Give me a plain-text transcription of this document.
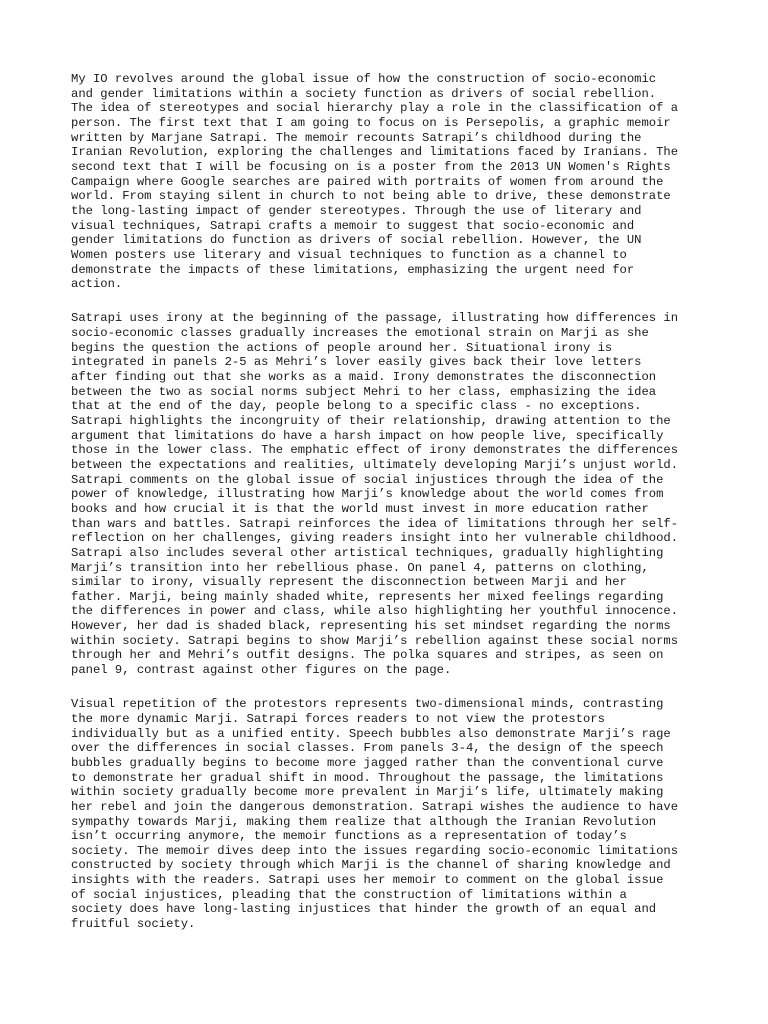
My IO revolves around the global issue of how the construction of socio-economic
and gender limitations within a society function as drivers of social rebellion.
The idea of stereotypes and social hierarchy play a role in the classification of a
person. The first text that I am going to focus on is Persepolis, a graphic memoir
written by Marjane Satrapi. The memoir recounts Satrapi’s childhood during the
Iranian Revolution, exploring the challenges and limitations faced by Iranians. The
second text that I will be focusing on is a poster from the 2013 UN Women's Rights
Campaign where Google searches are paired with portraits of women from around the
world. From staying silent in church to not being able to drive, these demonstrate
the long-lasting impact of gender stereotypes. Through the use of literary and
visual techniques, Satrapi crafts a memoir to suggest that socio-economic and
gender limitations do function as drivers of social rebellion. However, the UN
Women posters use literary and visual techniques to function as a channel to
demonstrate the impacts of these limitations, emphasizing the urgent need for
action.

Satrapi uses irony at the beginning of the passage, illustrating how differences in
socio-economic classes gradually increases the emotional strain on Marji as she
begins the question the actions of people around her. Situational irony is
integrated in panels 2-5 as Mehri’s lover easily gives back their love letters
after finding out that she works as a maid. Irony demonstrates the disconnection
between the two as social norms subject Mehri to her class, emphasizing the idea
that at the end of the day, people belong to a specific class - no exceptions.
Satrapi highlights the incongruity of their relationship, drawing attention to the
argument that limitations do have a harsh impact on how people live, specifically
those in the lower class. The emphatic effect of irony demonstrates the differences
between the expectations and realities, ultimately developing Marji’s unjust world.
Satrapi comments on the global issue of social injustices through the idea of the
power of knowledge, illustrating how Marji’s knowledge about the world comes from
books and how crucial it is that the world must invest in more education rather
than wars and battles. Satrapi reinforces the idea of limitations through her self-
reflection on her challenges, giving readers insight into her vulnerable childhood.
Satrapi also includes several other artistical techniques, gradually highlighting
Marji’s transition into her rebellious phase. On panel 4, patterns on clothing,
similar to irony, visually represent the disconnection between Marji and her
father. Marji, being mainly shaded white, represents her mixed feelings regarding
the differences in power and class, while also highlighting her youthful innocence.
However, her dad is shaded black, representing his set mindset regarding the norms
within society. Satrapi begins to show Marji’s rebellion against these social norms
through her and Mehri’s outfit designs. The polka squares and stripes, as seen on
panel 9, contrast against other figures on the page.

Visual repetition of the protestors represents two-dimensional minds, contrasting
the more dynamic Marji. Satrapi forces readers to not view the protestors
individually but as a unified entity. Speech bubbles also demonstrate Marji’s rage
over the differences in social classes. From panels 3-4, the design of the speech
bubbles gradually begins to become more jagged rather than the conventional curve
to demonstrate her gradual shift in mood. Throughout the passage, the limitations
within society gradually become more prevalent in Marji’s life, ultimately making
her rebel and join the dangerous demonstration. Satrapi wishes the audience to have
sympathy towards Marji, making them realize that although the Iranian Revolution
isn’t occurring anymore, the memoir functions as a representation of today’s
society. The memoir dives deep into the issues regarding socio-economic limitations
constructed by society through which Marji is the channel of sharing knowledge and
insights with the readers. Satrapi uses her memoir to comment on the global issue
of social injustices, pleading that the construction of limitations within a
society does have long-lasting injustices that hinder the growth of an equal and
fruitful society.
